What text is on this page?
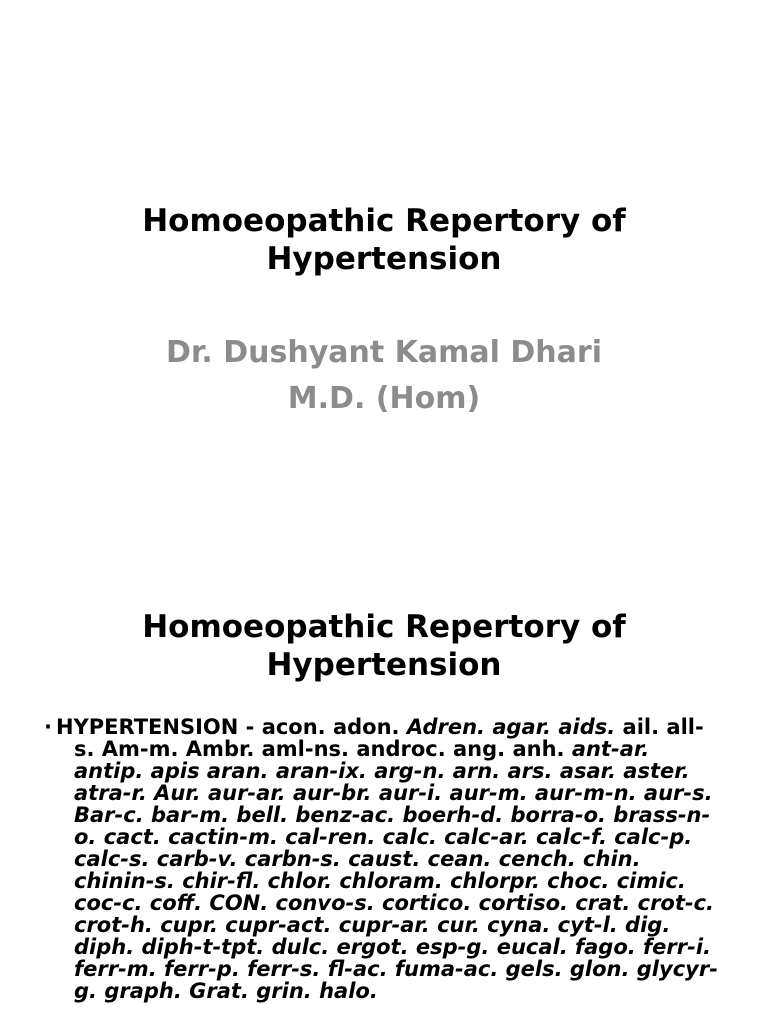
Homoeopathic Repertory of
Hypertension
Dr. Dushyant Kamal Dhari
M.D. (Hom)
Homoeopathic Repertory of
Hypertension

· HYPERTENSION - acon. adon. Adren. agar. aids. ail. all-s. Am-m. Ambr. aml-ns. androc. ang. anh. ant-ar. antip. apis aran. aran-ix. arg-n. arn. ars. asar. aster. atra-r. Aur. aur-ar. aur-br. aur-i. aur-m. aur-m-n. aur-s. Bar-c. bar-m. bell. benz-ac. boerh-d. borra-o. brass-n-o. cact. cactin-m. cal-ren. calc. calc-ar. calc-f. calc-p. calc-s. carb-v. carbn-s. caust. cean. cench. chin. chinin-s. chir-fl. chlor. chloram. chlorpr. choc. cimic. coc-c. coff. CON. convo-s. cortico. cortiso. crat. crot-c. crot-h. cupr. cupr-act. cupr-ar. cur. cyna. cyt-l. dig. diph. diph-t-tpt. dulc. ergot. esp-g. eucal. fago. ferr-i. ferr-m. ferr-p. ferr-s. fl-ac. fuma-ac. gels. glon. glycyr-g. graph. Grat. grin. halo.
